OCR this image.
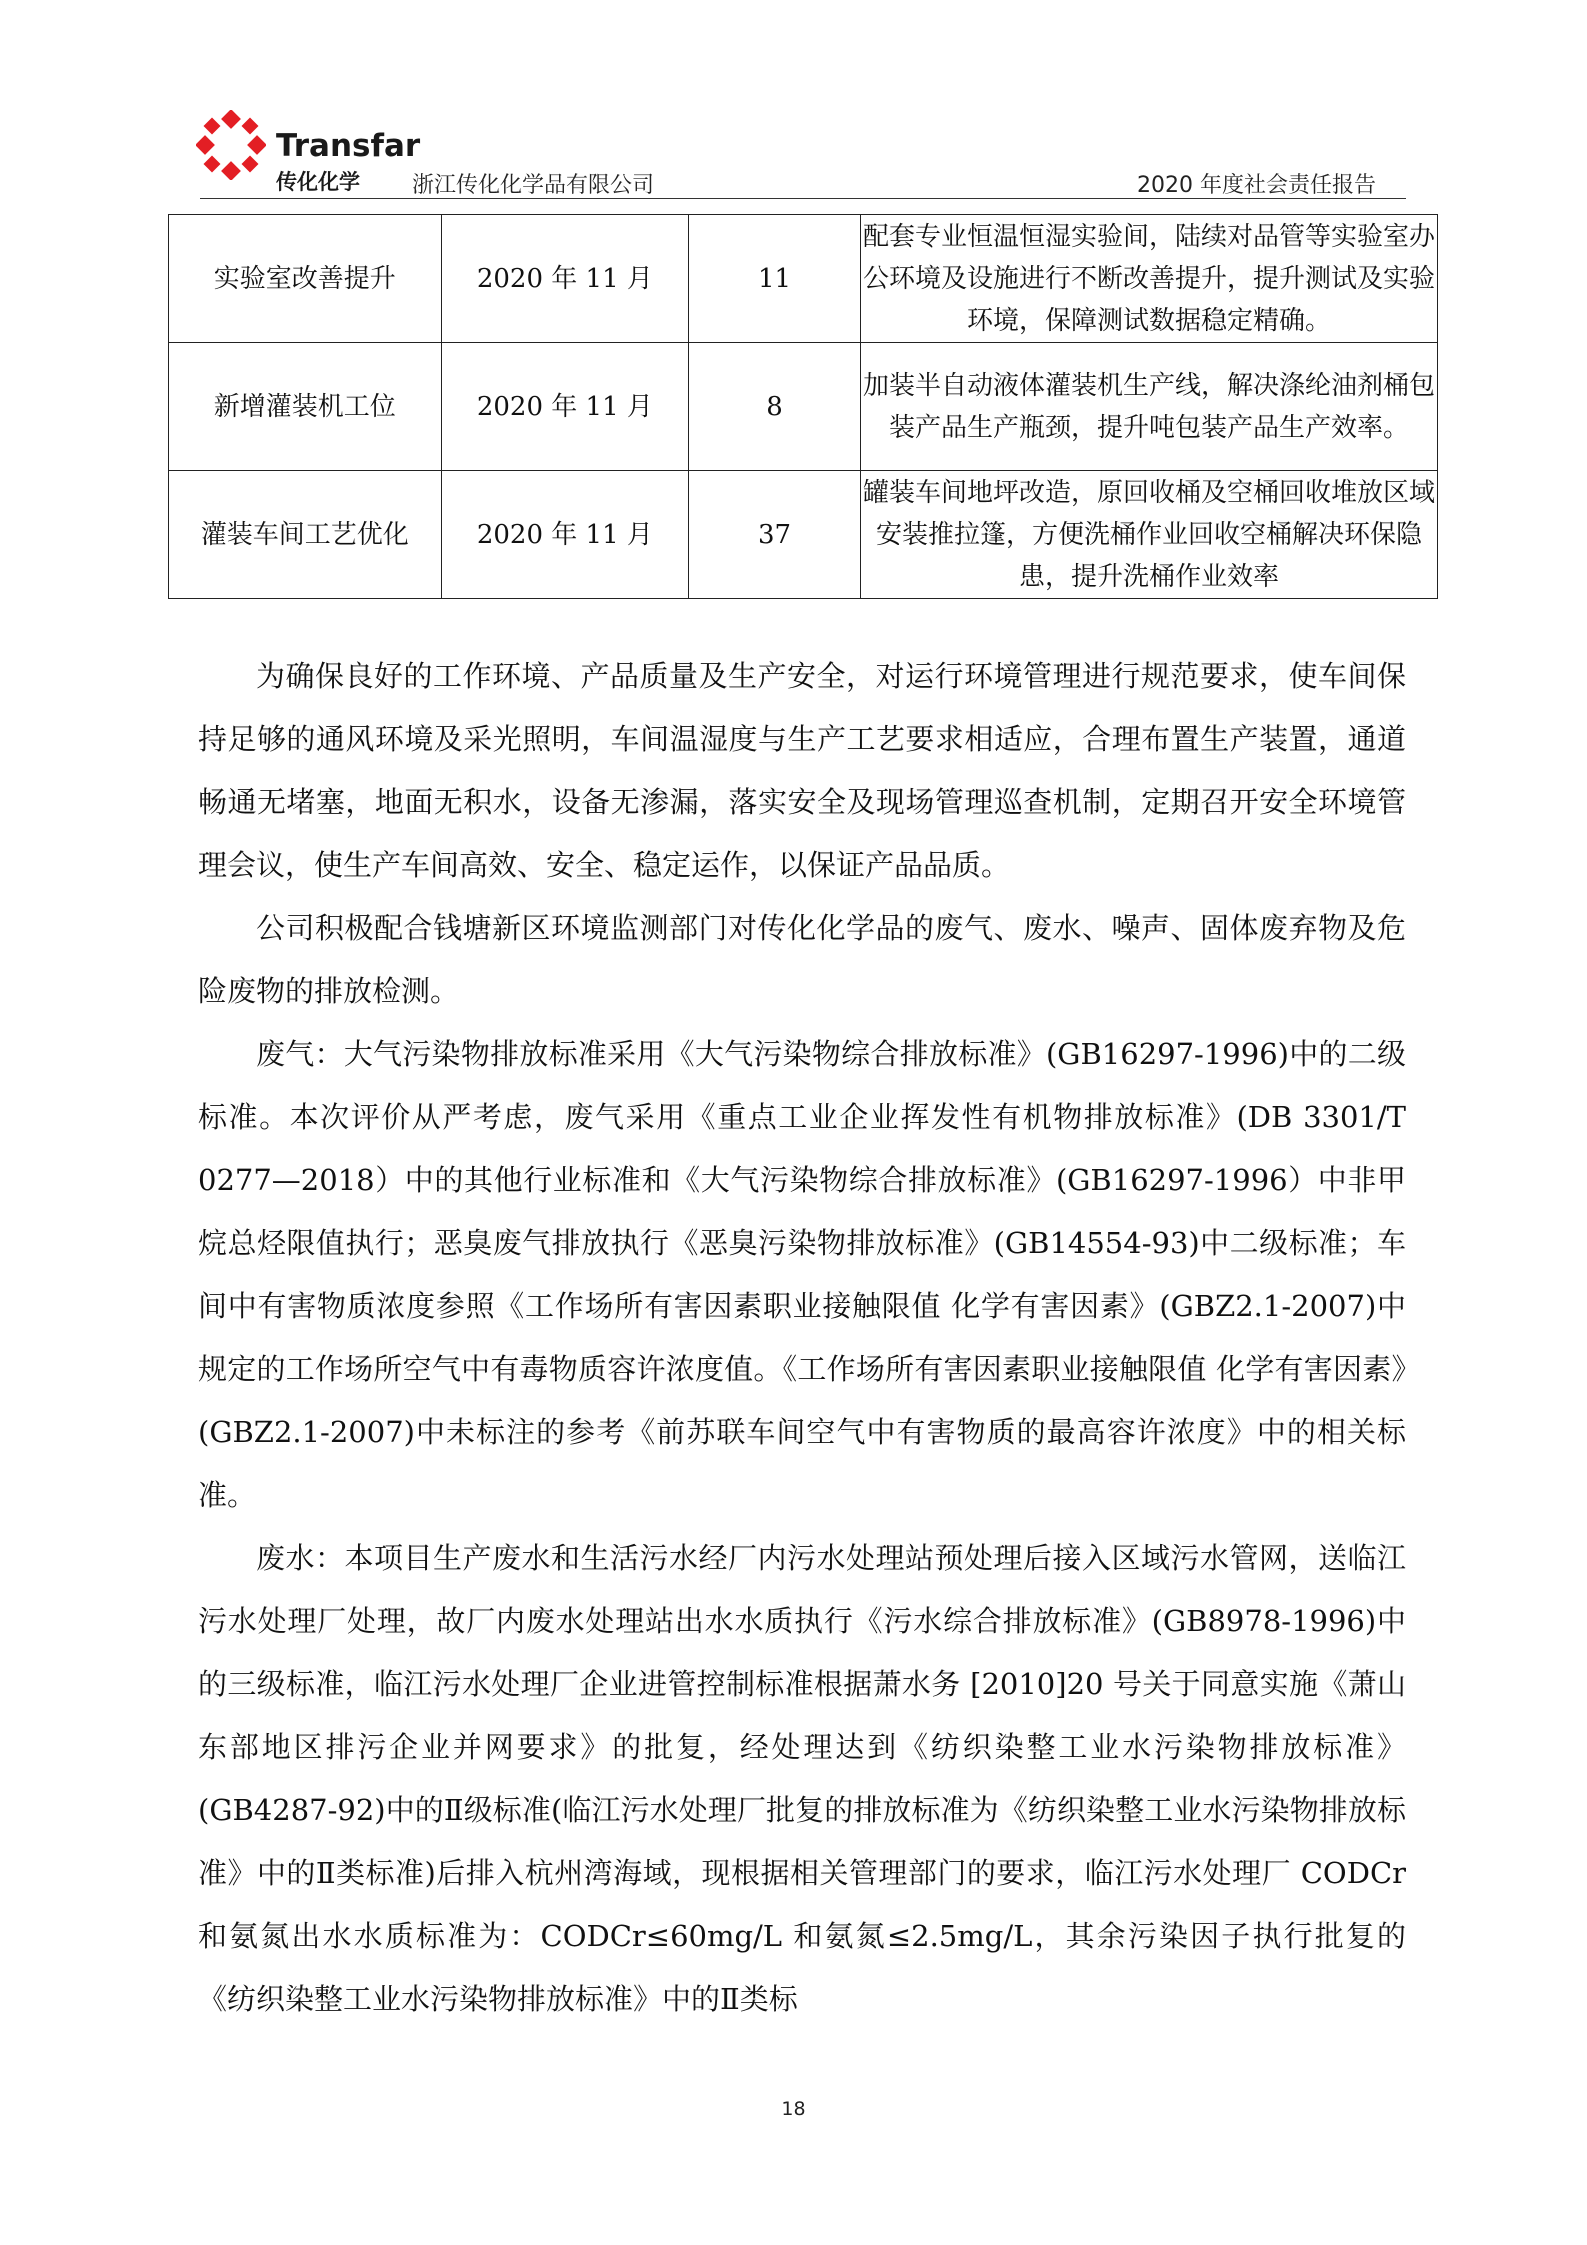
Transfar
传化化学 浙江传化化学品有限公司	2020 年度社会责任报告
实验室改善提升	2020 年 11 月	11	配套专业恒温恒湿实验间，陆续对品管等实验室办公环境及设施进行不断改善提升，提升测试及实验环境，保障测试数据稳定精确。
新增灌装机工位	2020 年 11 月	8	加装半自动液体灌装机生产线，解决涤纶油剂桶包装产品生产瓶颈，提升吨包装产品生产效率。
灌装车间工艺优化	2020 年 11 月	37	罐装车间地坪改造，原回收桶及空桶回收堆放区域安装推拉篷，方便洗桶作业回收空桶解决环保隐患，提升洗桶作业效率

为确保良好的工作环境、产品质量及生产安全，对运行环境管理进行规范要求，使车间保持足够的通风环境及采光照明，车间温湿度与生产工艺要求相适应，合理布置生产装置，通道畅通无堵塞，地面无积水，设备无渗漏，落实安全及现场管理巡查机制，定期召开安全环境管理会议，使生产车间高效、安全、稳定运作，以保证产品品质。

公司积极配合钱塘新区环境监测部门对传化化学品的废气、废水、噪声、固体废弃物及危险废物的排放检测。

废气：大气污染物排放标准采用《大气污染物综合排放标准》(GB16297-1996)中的二级标准。本次评价从严考虑，废气采用《重点工业企业挥发性有机物排放标准》(DB 3301/T 0277—2018）中的其他行业标准和《大气污染物综合排放标准》(GB16297-1996）中非甲烷总烃限值执行；恶臭废气排放执行《恶臭污染物排放标准》(GB14554-93)中二级标准；车间中有害物质浓度参照《工作场所有害因素职业接触限值 化学有害因素》(GBZ2.1-2007)中规定的工作场所空气中有毒物质容许浓度值。《工作场所有害因素职业接触限值 化学有害因素》(GBZ2.1-2007)中未标注的参考《前苏联车间空气中有害物质的最高容许浓度》中的相关标准。

废水：本项目生产废水和生活污水经厂内污水处理站预处理后接入区域污水管网，送临江污水处理厂处理，故厂内废水处理站出水水质执行《污水综合排放标准》(GB8978-1996)中的三级标准，临江污水处理厂企业进管控制标准根据萧水务 [2010]20 号关于同意实施《萧山东部地区排污企业并网要求》的批复，经处理达到《纺织染整工业水污染物排放标准》(GB4287-92)中的Ⅱ级标准(临江污水处理厂批复的排放标准为《纺织染整工业水污染物排放标准》中的Ⅱ类标准)后排入杭州湾海域，现根据相关管理部门的要求，临江污水处理厂 CODCr 和氨氮出水水质标准为：CODCr≤60mg/L 和氨氮≤2.5mg/L，其余污染因子执行批复的《纺织染整工业水污染物排放标准》中的Ⅱ类标

18
